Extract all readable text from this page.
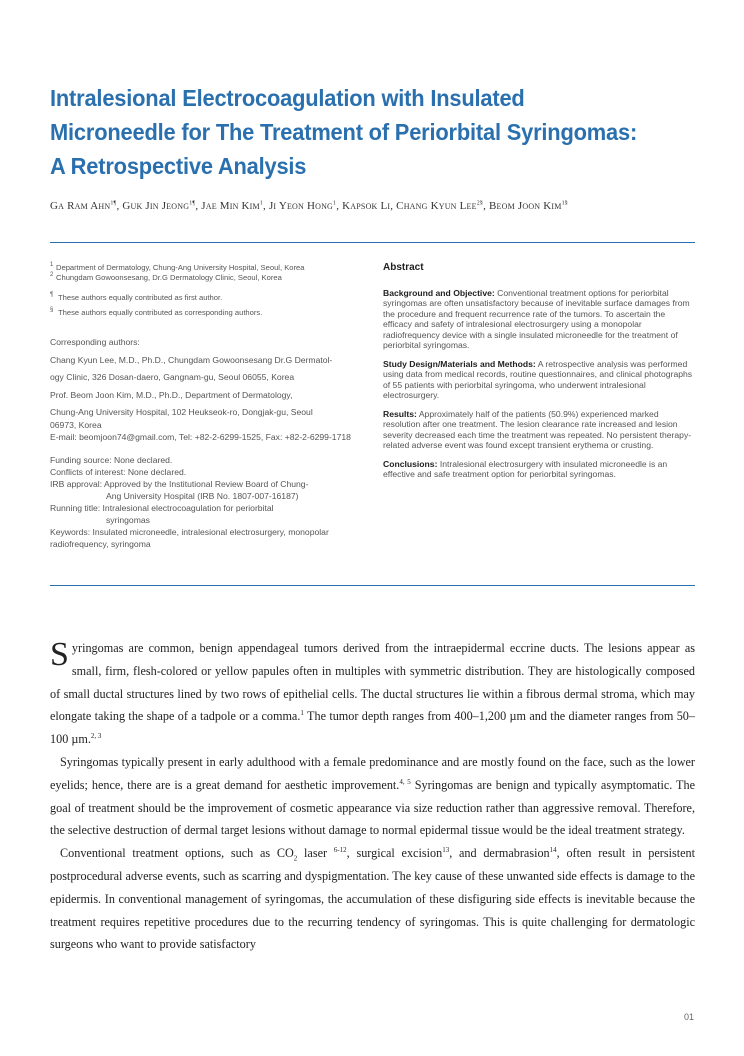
Intralesional Electrocoagulation with Insulated
Microneedle for The Treatment of Periorbital Syringomas:
A Retrospective Analysis
Ga Ram Ahn$^{1\P}$, Guk Jin Jeong$^{1\P}$, Jae Min Kim$^1$, Ji Yeon Hong$^1$, Kapsok Li, Chang Kyun Lee$^{2\S}$, Beom Joon Kim$^{1\S}$

1 Department of Dermatology, Chung-Ang University Hospital, Seoul, Korea

2 Chungdam Gowoonsesang, Dr.G Dermatology Clinic, Seoul, Korea

¶ These authors equally contributed as first author.

§ These authors equally contributed as corresponding authors.

Corresponding authors:

Chang Kyun Lee, M.D., Ph.D., Chungdam Gowoonsesang Dr.G Dermatol-

ogy Clinic, 326 Dosan-daero, Gangnam-gu, Seoul 06055, Korea

Prof. Beom Joon Kim, M.D., Ph.D., Department of Dermatology,

Chung-Ang University Hospital, 102 Heukseok-ro, Dongjak-gu, Seoul

06973, Korea

E-mail: beomjoon74@gmail.com, Tel: +82-2-6299-1525, Fax: +82-2-6299-1718

Funding source: None declared.

Conflicts of interest: None declared.

IRB approval: Approved by the Institutional Review Board of Chung-

Ang University Hospital (IRB No. 1807-007-16187)

Running title: Intralesional electrocoagulation for periorbital

syringomas

Keywords: Insulated microneedle, intralesional electrosurgery, monopolar radiofrequency, syringoma

Abstract

Background and Objective: Conventional treatment options for periorbital syringomas are often unsatisfactory because of inevitable surface damages from the procedure and frequent recurrence rate of the tumors. To ascertain the efficacy and safety of intralesional electrosurgery using a monopolar radiofrequency device with a single insulated microneedle for the treatment of periorbital syringomas.

Study Design/Materials and Methods: A retrospective analysis was performed using data from medical records, routine questionnaires, and clinical photographs of 55 patients with periorbital syringoma, who underwent intralesional electrosurgery.

Results: Approximately half of the patients (50.9%) experienced marked resolution after one treatment. The lesion clearance rate increased and lesion severity decreased each time the treatment was repeated. No persistent therapy-related adverse event was found except transient erythema or crusting.

Conclusions: Intralesional electrosurgery with insulated microneedle is an effective and safe treatment option for periorbital syringomas.

Syringomas are common, benign appendageal tumors derived from the intraepidermal eccrine ducts. The lesions appear as small, firm, flesh-colored or yellow papules often in multiples with symmetric distribution. They are histologically composed of small ductal structures lined by two rows of epithelial cells. The ductal structures lie within a fibrous dermal stroma, which may elongate taking the shape of a tadpole or a comma.$^1$ The tumor depth ranges from 400–1,200 µm and the diameter ranges from 50–100 µm.$^{2, 3}$

Syringomas typically present in early adulthood with a female predominance and are mostly found on the face, such as the lower eyelids; hence, there are is a great demand for aesthetic improvement.$^{4, 5}$ Syringomas are benign and typically asymptomatic. The goal of treatment should be the improvement of cosmetic appearance via size reduction rather than aggressive removal. Therefore, the selective destruction of dermal target lesions without damage to normal epidermal tissue would be the ideal treatment strategy.

Conventional treatment options, such as $CO_2$ laser $^{6-12}$, surgical excision$^{13}$, and dermabrasion$^{14}$, often result in persistent postprocedural adverse events, such as scarring and dyspigmentation. The key cause of these unwanted side effects is damage to the epidermis. In conventional management of syringomas, the accumulation of these disfiguring side effects is inevitable because the treatment requires repetitive procedures due to the recurring tendency of syringomas. This is quite challenging for dermatologic surgeons who want to provide satisfactory

01
